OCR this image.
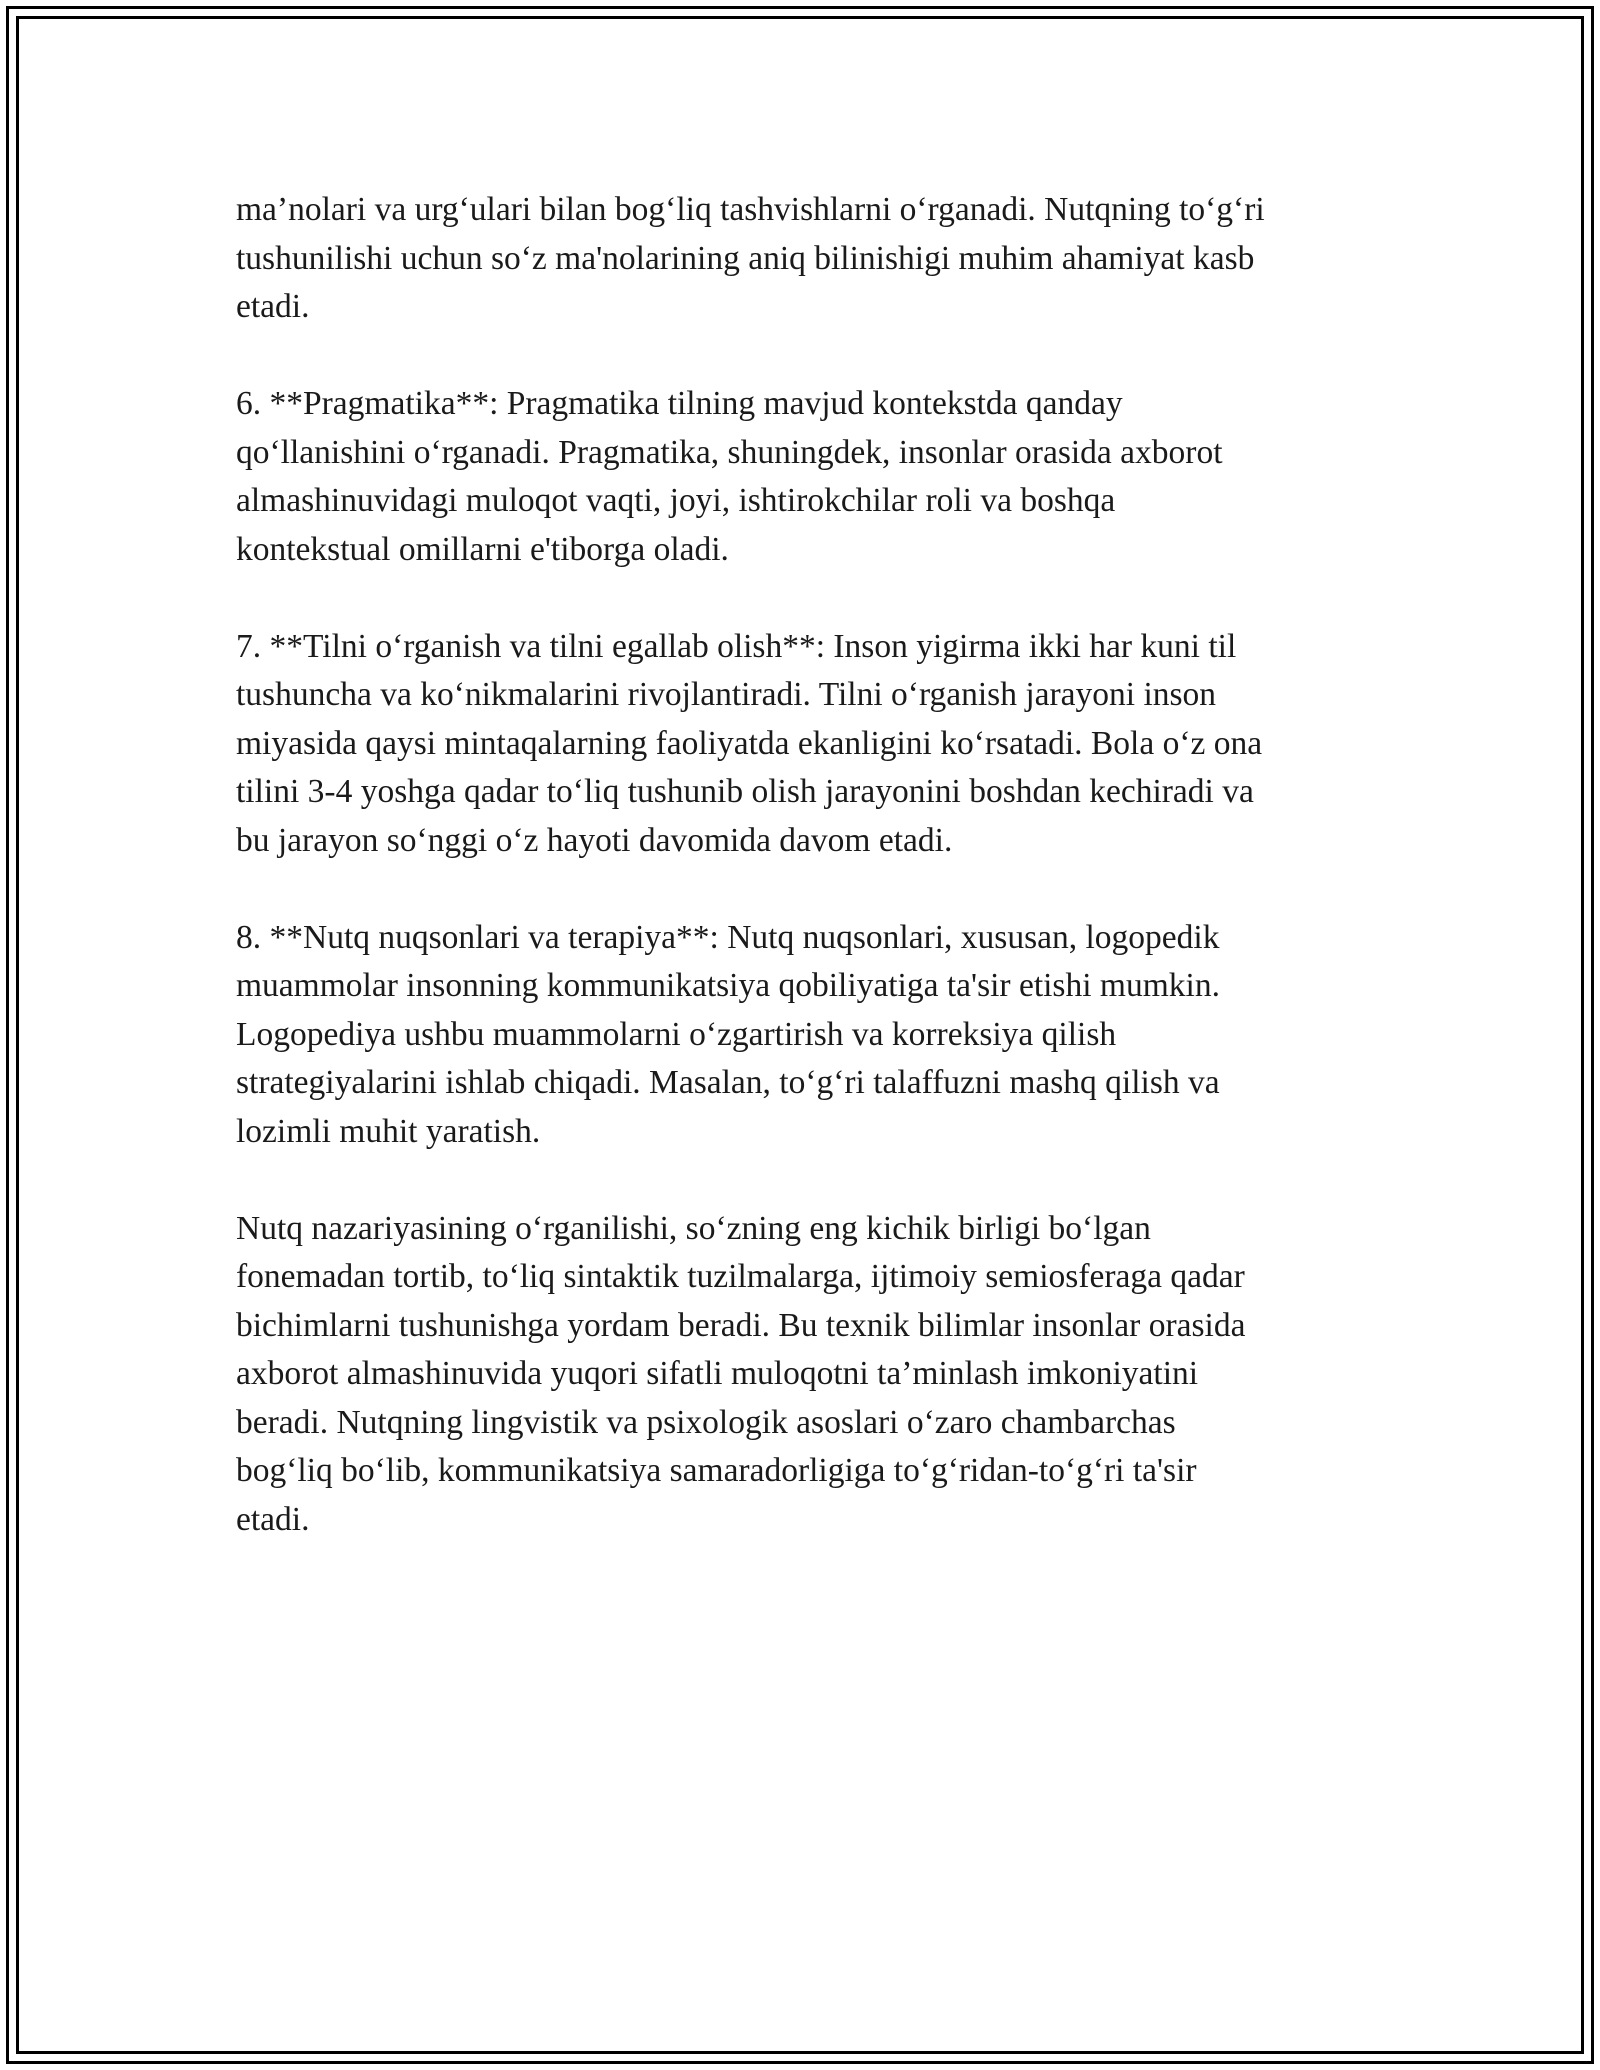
ma’nolari va urg‘ulari bilan bog‘liq tashvishlarni o‘rganadi. Nutqning to‘g‘ri
tushunilishi uchun so‘z ma'nolarining aniq bilinishigi muhim ahamiyat kasb
etadi.

6. **Pragmatika**: Pragmatika tilning mavjud kontekstda qanday
qo‘llanishini o‘rganadi. Pragmatika, shuningdek, insonlar orasida axborot
almashinuvidagi muloqot vaqti, joyi, ishtirokchilar roli va boshqa
kontekstual omillarni e'tiborga oladi.

7. **Tilni o‘rganish va tilni egallab olish**: Inson yigirma ikki har kuni til
tushuncha va ko‘nikmalarini rivojlantiradi. Tilni o‘rganish jarayoni inson
miyasida qaysi mintaqalarning faoliyatda ekanligini ko‘rsatadi. Bola o‘z ona
tilini 3-4 yoshga qadar to‘liq tushunib olish jarayonini boshdan kechiradi va
bu jarayon so‘nggi o‘z hayoti davomida davom etadi.

8. **Nutq nuqsonlari va terapiya**: Nutq nuqsonlari, xususan, logopedik
muammolar insonning kommunikatsiya qobiliyatiga ta'sir etishi mumkin.
Logopediya ushbu muammolarni o‘zgartirish va korreksiya qilish
strategiyalarini ishlab chiqadi. Masalan, to‘g‘ri talaffuzni mashq qilish va
lozimli muhit yaratish.

Nutq nazariyasining o‘rganilishi, so‘zning eng kichik birligi bo‘lgan
fonemadan tortib, to‘liq sintaktik tuzilmalarga, ijtimoiy semiosferaga qadar
bichimlarni tushunishga yordam beradi. Bu texnik bilimlar insonlar orasida
axborot almashinuvida yuqori sifatli muloqotni ta’minlash imkoniyatini
beradi. Nutqning lingvistik va psixologik asoslari o‘zaro chambarchas
bog‘liq bo‘lib, kommunikatsiya samaradorligiga to‘g‘ridan-to‘g‘ri ta'sir
etadi.
